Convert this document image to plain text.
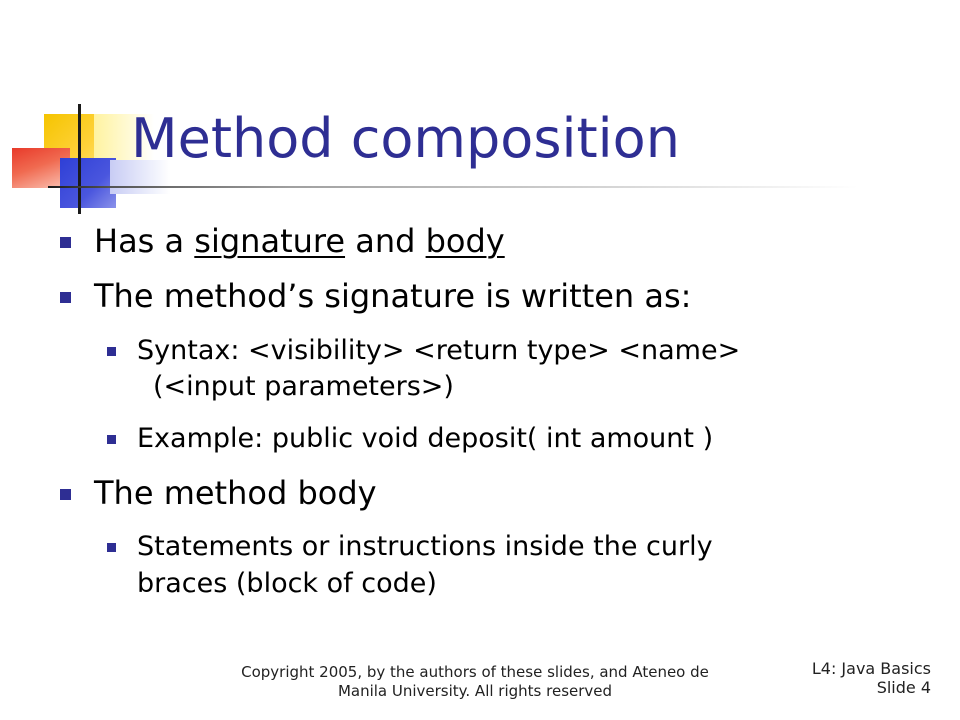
Method composition
Has a signature and body
The method’s signature is written as:
Syntax: <visibility> <return type> <name>
(<input parameters>)
Example: public void deposit( int amount )
The method body
Statements or instructions inside the curly
braces (block of code)
Copyright 2005, by the authors of these slides, and Ateneo de
Manila University. All rights reserved
L4: Java Basics
Slide 4
